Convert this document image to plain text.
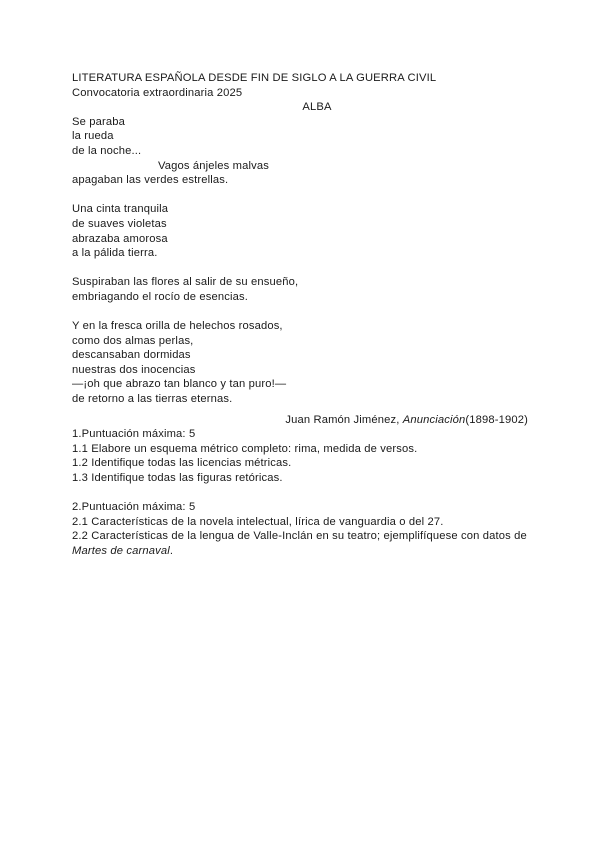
LITERATURA ESPAÑOLA DESDE FIN DE SIGLO A LA GUERRA CIVIL
Convocatoria extraordinaria 2025
ALBA
Se paraba
la rueda
de la noche...
Vagos ánjeles malvas
apagaban las verdes estrellas.
Una cinta tranquila
de suaves violetas
abrazaba amorosa
a la pálida tierra.
Suspiraban las flores al salir de su ensueño,
embriagando el rocío de esencias.
Y en la fresca orilla de helechos rosados,
como dos almas perlas,
descansaban dormidas
nuestras dos inocencias
—¡oh que abrazo tan blanco y tan puro!—
de retorno a las tierras eternas.
Juan Ramón Jiménez, Anunciación(1898-1902)
1.Puntuación máxima: 5
1.1 Elabore un esquema métrico completo: rima, medida de versos.
1.2 Identifique todas las licencias métricas.
1.3 Identifique todas las figuras retóricas.
2.Puntuación máxima: 5
2.1 Características de la novela intelectual, lírica de vanguardia o del 27.
2.2 Características de la lengua de Valle-Inclán en su teatro; ejemplifíquese con datos de
Martes de carnaval.
